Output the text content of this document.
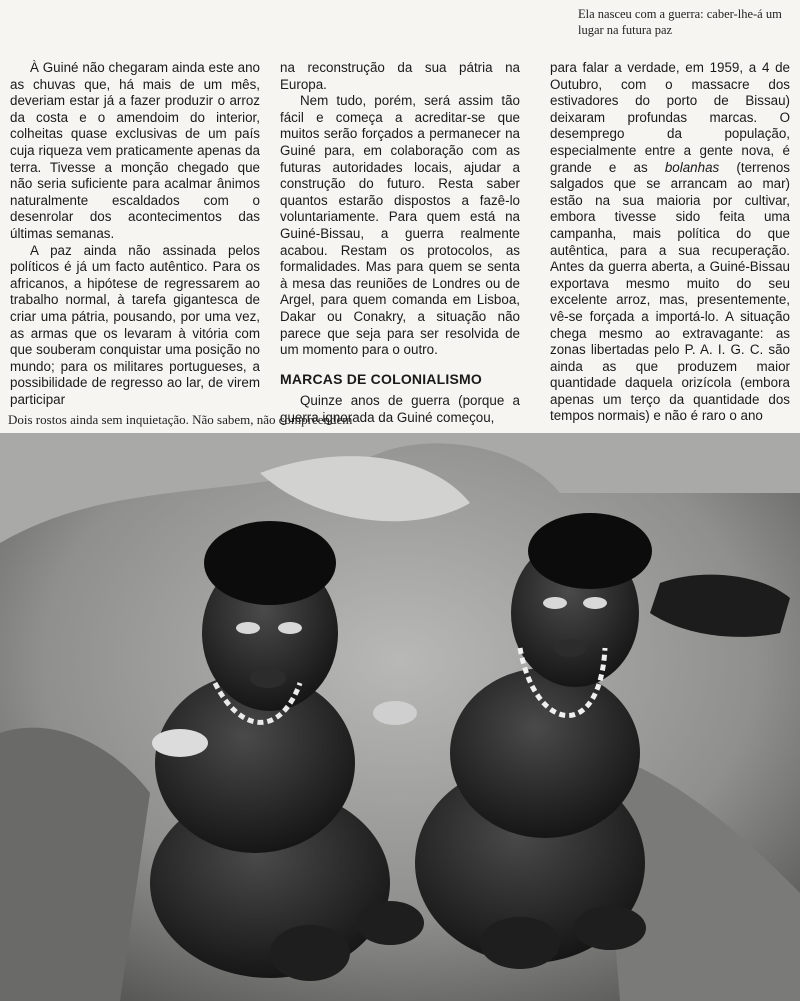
Ela nasceu com a guerra: caber-lhe-á um lugar na futura paz

À Guiné não chegaram ainda este ano as chuvas que, há mais de um mês, deveriam estar já a fazer produzir o arroz da costa e o amendoim do interior, colheitas quase exclusivas de um país cuja riqueza vem praticamente apenas da terra. Tivesse a monção chegado que não seria suficiente para acalmar ânimos naturalmente escaldados com o desenrolar dos acontecimentos das últimas semanas.

A paz ainda não assinada pelos políticos é já um facto autêntico. Para os africanos, a hipótese de regressarem ao trabalho normal, à tarefa gigantesca de criar uma pátria, pousando, por uma vez, as armas que os levaram à vitória com que souberam conquistar uma posição no mundo; para os militares portugueses, a possibilidade de regresso ao lar, de virem participar

na reconstrução da sua pátria na Europa.

Nem tudo, porém, será assim tão fácil e começa a acreditar-se que muitos serão forçados a permanecer na Guiné para, em colaboração com as futuras autoridades locais, ajudar a construção do futuro. Resta saber quantos estarão dispostos a fazê-lo voluntariamente. Para quem está na Guiné-Bissau, a guerra realmente acabou. Restam os protocolos, as formalidades. Mas para quem se senta à mesa das reuniões de Londres ou de Argel, para quem comanda em Lisboa, Dakar ou Conakry, a situação não parece que seja para ser resolvida de um momento para o outro.

MARCAS DE COLONIALISMO

Quinze anos de guerra (porque a guerra ignorada da Guiné começou,

para falar a verdade, em 1959, a 4 de Outubro, com o massacre dos estivadores do porto de Bissau) deixaram profundas marcas. O desemprego da população, especialmente entre a gente nova, é grande e as bolanhas (terrenos salgados que se arrancam ao mar) estão na sua maioria por cultivar, embora tivesse sido feita uma campanha, mais política do que autêntica, para a sua recuperação. Antes da guerra aberta, a Guiné-Bissau exportava mesmo muito do seu excelente arroz, mas, presentemente, vê-se forçada a importá-lo. A situação chega mesmo ao extravagante: as zonas libertadas pelo P. A. I. G. C. são ainda as que produzem maior quantidade daquela orizícola (embora apenas um terço da quantidade dos tempos normais) e não é raro o ano

Dois rostos ainda sem inquietação. Não sabem, não compreendem
